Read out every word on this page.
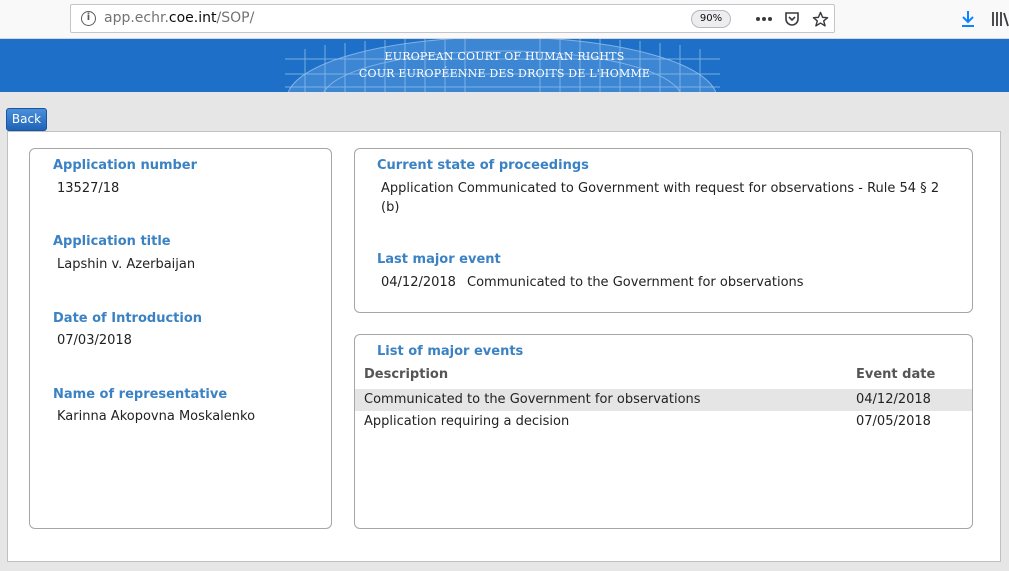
i app.echr.coe.int/SOP/	90%
EUROPEAN COURT OF HUMAN RIGHTS
COUR EUROPÉENNE DES DROITS DE L'HOMME
Back
Application number
13527/18
Application title
Lapshin v. Azerbaijan
Date of Introduction
07/03/2018
Name of representative
Karinna Akopovna Moskalenko
Current state of proceedings
Application Communicated to Government with request for observations - Rule 54 § 2
(b)
Last major event
04/12/2018 Communicated to the Government for observations
List of major events
Description	Event date
Communicated to the Government for observations	04/12/2018
Application requiring a decision	07/05/2018
